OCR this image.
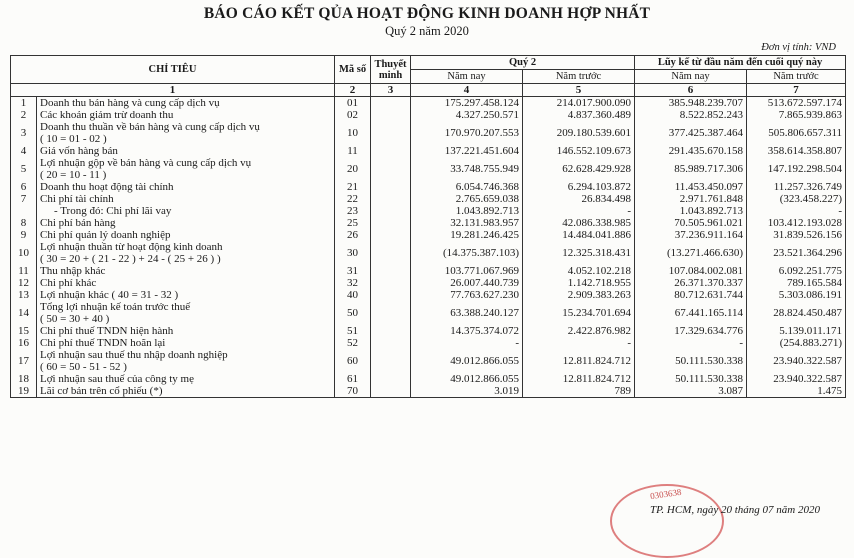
BÁO CÁO KẾT QỦA HOẠT ĐỘNG KINH DOANH HỢP NHẤT
Quý 2 năm 2020
Đơn vị tính: VND
CHỈ TIÊU		Mã số	Thuyết minh	Quý 2		Lũy kế từ đầu năm đến cuối quý này	
				Năm nay	Năm trước	Năm nay	Năm trước
1		2	3	4	5	6	7
1	Doanh thu bán hàng và cung cấp dịch vụ	01		175.297.458.124	214.017.900.090	385.948.239.707	513.672.597.174
2	Các khoản giảm trừ doanh thu	02		4.327.250.571	4.837.360.489	8.522.852.243	7.865.939.863
3	Doanh thu thuần về bán hàng và cung cấp dịch vụ
( 10 = 01 - 02 )	10		170.970.207.553	209.180.539.601	377.425.387.464	505.806.657.311
4	Giá vốn hàng bán	11		137.221.451.604	146.552.109.673	291.435.670.158	358.614.358.807
5	Lợi nhuận gộp về bán hàng và cung cấp dịch vụ
( 20 = 10 - 11 )	20		33.748.755.949	62.628.429.928	85.989.717.306	147.192.298.504
6	Doanh thu hoạt động tài chính	21		6.054.746.368	6.294.103.872	11.453.450.097	11.257.326.749
7	Chi phí tài chính	22		2.765.659.038	26.834.498	2.971.761.848	(323.458.227)

	- Trong đó: Chi phí lãi vay	23		1.043.892.713	-	1.043.892.713	-
8	Chi phí bán hàng	25		32.131.983.957	42.086.338.985	70.505.961.021	103.412.193.028
9	Chi phí quản lý doanh nghiệp	26		19.281.246.425	14.484.041.886	37.236.911.164	31.839.526.156
10	Lợi nhuận thuần từ hoạt động kinh doanh
( 30 = 20 + ( 21 - 22 ) + 24 - ( 25 + 26 ) )	30		(14.375.387.103)	12.325.318.431	(13.271.466.630)	23.521.364.296
11	Thu nhập khác	31		103.771.067.969	4.052.102.218	107.084.002.081	6.092.251.775
12	Chi phí khác	32		26.007.440.739	1.142.718.955	26.371.370.337	789.165.584
13	Lợi nhuận khác ( 40 = 31 - 32 )	40		77.763.627.230	2.909.383.263	80.712.631.744	5.303.086.191
14	Tổng lợi nhuận kế toán trước thuế
( 50 = 30 + 40 )	50		63.388.240.127	15.234.701.694	67.441.165.114	28.824.450.487
15	Chi phí thuế TNDN hiện hành	51		14.375.374.072	2.422.876.982	17.329.634.776	5.139.011.171
16	Chi phí thuế TNDN hoãn lại	52		-	-	-	(254.883.271)
17	Lợi nhuận sau thuế thu nhập doanh nghiệp
( 60 = 50 - 51 - 52 )	60		49.012.866.055	12.811.824.712	50.111.530.338	23.940.322.587
18	Lợi nhuận sau thuế của công ty mẹ	61		49.012.866.055	12.811.824.712	50.111.530.338	23.940.322.587
19	Lãi cơ bản trên cổ phiếu (*)	70		3.019	789	3.087	1.475
0303638
TP. HCM, ngày 20 tháng 07 năm 2020
